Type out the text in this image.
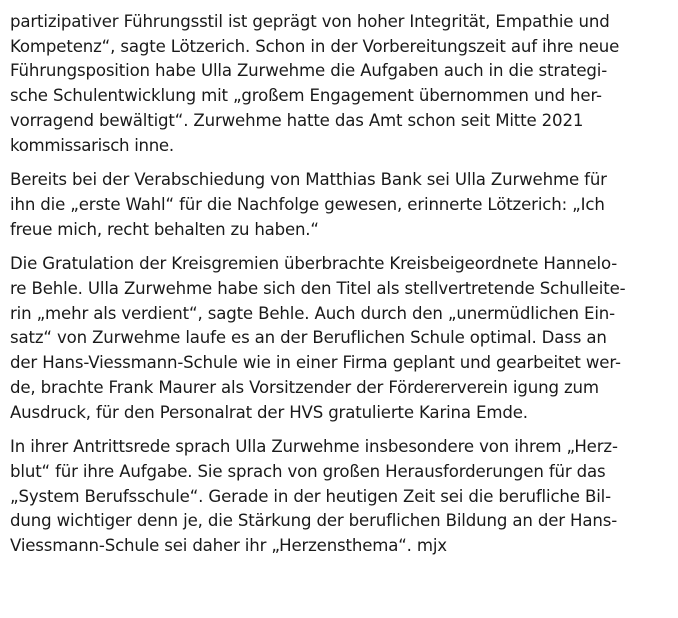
partizipativer Führungsstil ist geprägt von hoher Integrität, Empathie und
Kompetenz“, sagte Lötzerich. Schon in der Vorbereitungszeit auf ihre neue
Führungsposition habe Ulla Zurwehme die Aufgaben auch in die strategi-
sche Schulentwicklung mit „großem Engagement übernommen und her-
vorragend bewältigt“. Zurwehme hatte das Amt schon seit Mitte 2021
kommissarisch inne.

Bereits bei der Verabschiedung von Matthias Bank sei Ulla Zurwehme für
ihn die „erste Wahl“ für die Nachfolge gewesen, erinnerte Lötzerich: „Ich
freue mich, recht behalten zu haben.“

Die Gratulation der Kreisgremien überbrachte Kreisbeigeordnete Hannelo-
re Behle. Ulla Zurwehme habe sich den Titel als stellvertretende Schulleite-
rin „mehr als verdient“, sagte Behle. Auch durch den „unermüdlichen Ein-
satz“ von Zurwehme laufe es an der Beruflichen Schule optimal. Dass an
der Hans-Viessmann-Schule wie in einer Firma geplant und gearbeitet wer-
de, brachte Frank Maurer als Vorsitzender der Fördererverein igung zum
Ausdruck, für den Personalrat der HVS gratulierte Karina Emde.

In ihrer Antrittsrede sprach Ulla Zurwehme insbesondere von ihrem „Herz-
blut“ für ihre Aufgabe. Sie sprach von großen Herausforderungen für das
„System Berufsschule“. Gerade in der heutigen Zeit sei die berufliche Bil-
dung wichtiger denn je, die Stärkung der beruflichen Bildung an der Hans-
Viessmann-Schule sei daher ihr „Herzensthema“. mjx
